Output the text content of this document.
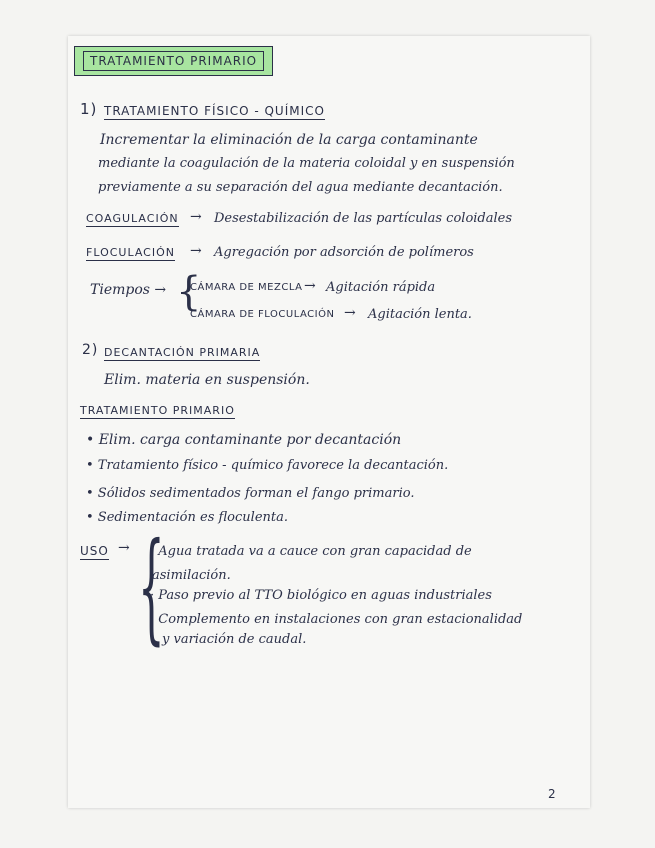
TRATAMIENTO PRIMARIO
1) TRATAMIENTO FÍSICO - QUÍMICO
Incrementar la eliminación de la carga contaminante
mediante la coagulación de la materia coloidal y en suspensión
previamente a su separación del agua mediante decantación.
COAGULACIÓN → Desestabilización de las partículas coloidales
FLOCULACIÓN → Agregación por adsorción de polímeros
Tiempos → {
CÁMARA DE MEZCLA → Agitación rápida
CÁMARA DE FLOCULACIÓN → Agitación lenta.
2) DECANTACIÓN PRIMARIA
Elim. materia en suspensión.
TRATAMIENTO PRIMARIO
• Elim. carga contaminante por decantación
• Tratamiento físico - químico favorece la decantación.
• Sólidos sedimentados forman el fango primario.
• Sedimentación es floculenta.
USO → {
· Agua tratada va a cauce con gran capacidad de
asimilación.
· Paso previo al TTO biológico en aguas industriales
· Complemento en instalaciones con gran estacionalidad
y variación de caudal.
2
